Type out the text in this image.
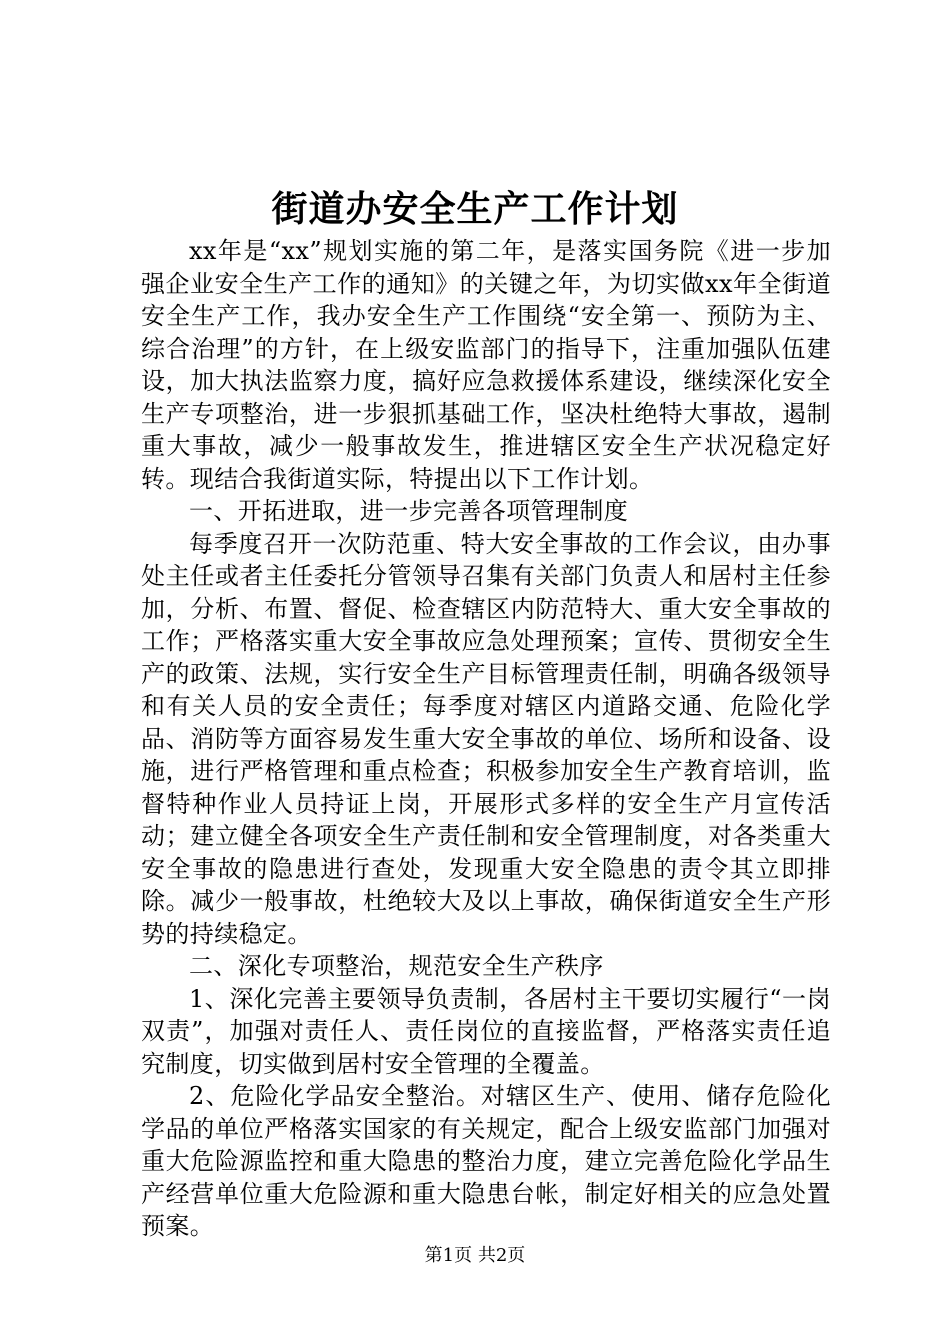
街道办安全生产工作计划

xx年是“xx”规划实施的第二年，是落实国务院《进一步加强企业安全生产工作的通知》的关键之年，为切实做xx年全街道安全生产工作，我办安全生产工作围绕“安全第一、预防为主、综合治理”的方针，在上级安监部门的指导下，注重加强队伍建设，加大执法监察力度，搞好应急救援体系建设，继续深化安全生产专项整治，进一步狠抓基础工作，坚决杜绝特大事故，遏制重大事故，减少一般事故发生，推进辖区安全生产状况稳定好转。现结合我街道实际，特提出以下工作计划。

一、开拓进取，进一步完善各项管理制度

每季度召开一次防范重、特大安全事故的工作会议，由办事处主任或者主任委托分管领导召集有关部门负责人和居村主任参加，分析、布置、督促、检查辖区内防范特大、重大安全事故的工作；严格落实重大安全事故应急处理预案；宣传、贯彻安全生产的政策、法规，实行安全生产目标管理责任制，明确各级领导和有关人员的安全责任；每季度对辖区内道路交通、危险化学品、消防等方面容易发生重大安全事故的单位、场所和设备、设施，进行严格管理和重点检查；积极参加安全生产教育培训，监督特种作业人员持证上岗，开展形式多样的安全生产月宣传活动；建立健全各项安全生产责任制和安全管理制度，对各类重大安全事故的隐患进行查处，发现重大安全隐患的责令其立即排除。减少一般事故，杜绝较大及以上事故，确保街道安全生产形势的持续稳定。

二、深化专项整治，规范安全生产秩序

1、深化完善主要领导负责制，各居村主干要切实履行“一岗双责”，加强对责任人、责任岗位的直接监督，严格落实责任追究制度，切实做到居村安全管理的全覆盖。

2、危险化学品安全整治。对辖区生产、使用、储存危险化学品的单位严格落实国家的有关规定，配合上级安监部门加强对重大危险源监控和重大隐患的整治力度，建立完善危险化学品生产经营单位重大危险源和重大隐患台帐，制定好相关的应急处置预案。

第1页 共2页
